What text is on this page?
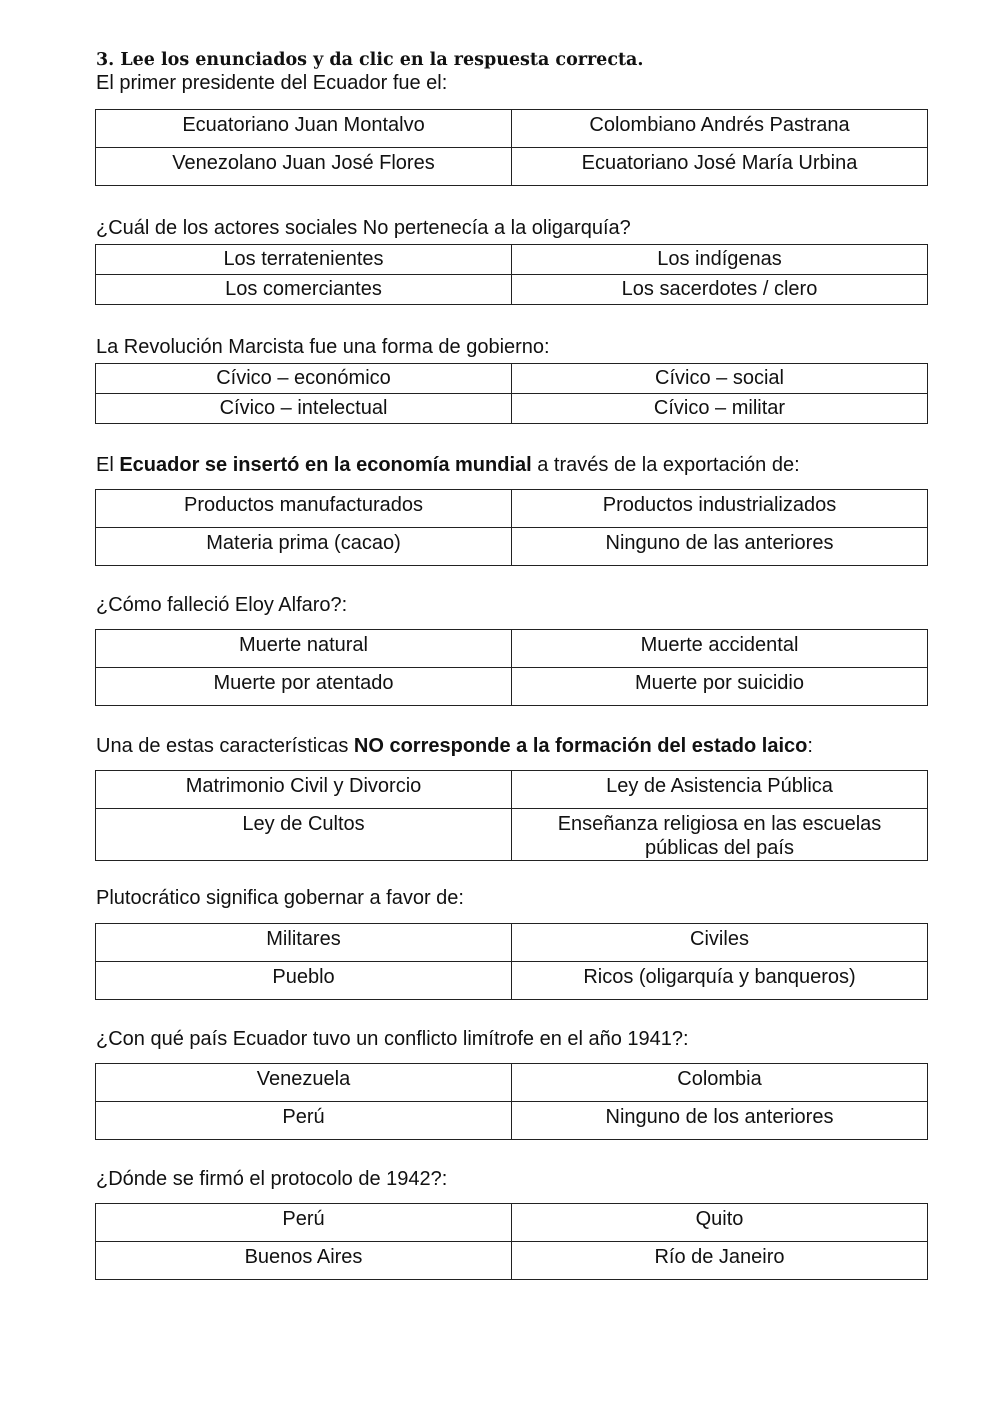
3. Lee los enunciados y da clic en la respuesta correcta.
El primer presidente del Ecuador fue el:
Ecuatoriano Juan Montalvo	Colombiano Andrés Pastrana
Venezolano Juan José Flores	Ecuatoriano José María Urbina
¿Cuál de los actores sociales No pertenecía a la oligarquía?
Los terratenientes	Los indígenas
Los comerciantes	Los sacerdotes / clero
La Revolución Marcista fue una forma de gobierno:
Cívico – económico	Cívico – social
Cívico – intelectual	Cívico – militar
El Ecuador se insertó en la economía mundial a través de la exportación de:
Productos manufacturados	Productos industrializados
Materia prima (cacao)	Ninguno de las anteriores
¿Cómo falleció Eloy Alfaro?:
Muerte natural	Muerte accidental
Muerte por atentado	Muerte por suicidio
Una de estas características NO corresponde a la formación del estado laico:
Matrimonio Civil y Divorcio	Ley de Asistencia Pública
Ley de Cultos	Enseñanza religiosa en las escuelas públicas del país
Plutocrático significa gobernar a favor de:
Militares	Civiles
Pueblo	Ricos (oligarquía y banqueros)
¿Con qué país Ecuador tuvo un conflicto limítrofe en el año 1941?:
Venezuela	Colombia
Perú	Ninguno de los anteriores
¿Dónde se firmó el protocolo de 1942?:
Perú	Quito
Buenos Aires	Río de Janeiro
